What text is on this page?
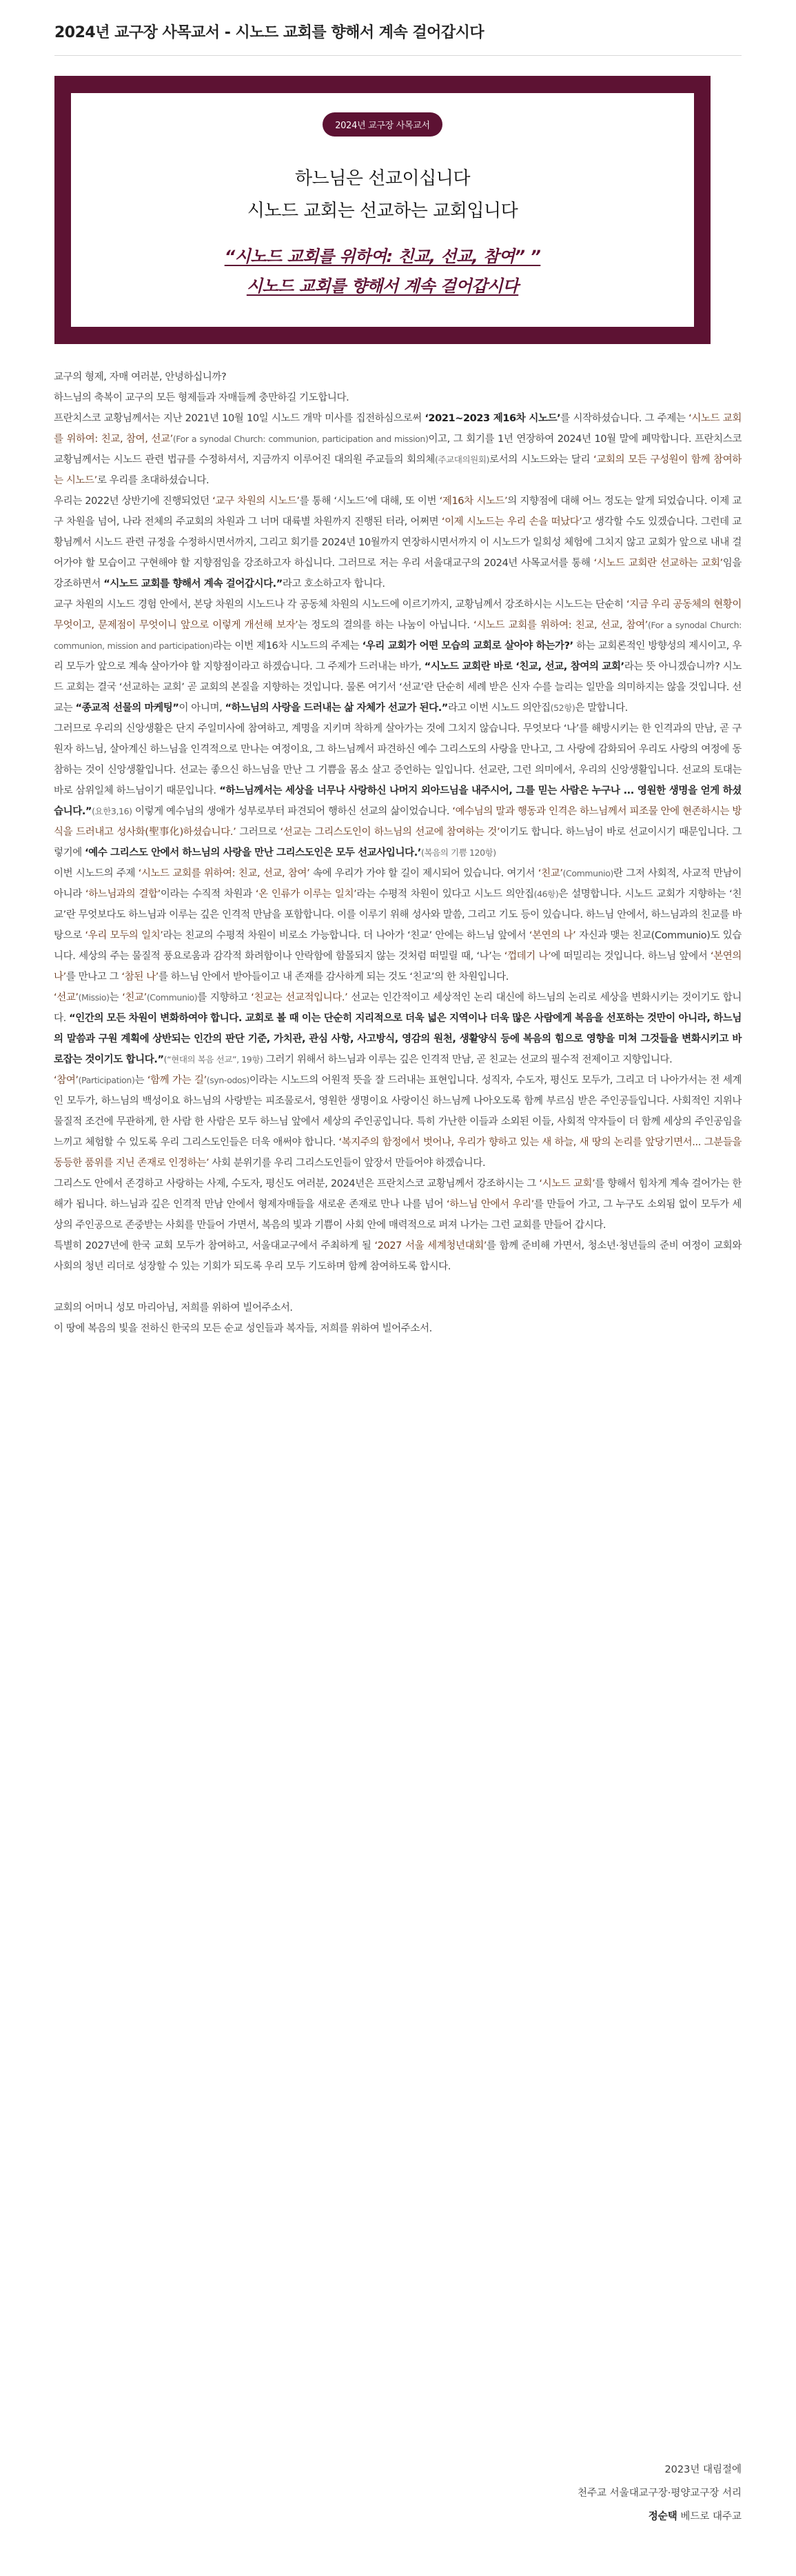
2024년 교구장 사목교서 - 시노드 교회를 향해서 계속 걸어갑시다
2024년 교구장 사목교서
하느님은 선교이십니다
시노드 교회는 선교하는 교회입니다
“시노드 교회를 위하여: 친교, 선교, 참여” ”
시노드 교회를 향해서 계속 걸어갑시다

교구의 형제, 자매 여러분, 안녕하십니까?

하느님의 축복이 교구의 모든 형제들과 자매들께 충만하길 기도합니다.

프란치스코 교황님께서는 지난 2021년 10월 10일 시노드 개막 미사를 집전하심으로써 ‘2021~2023 제16차 시노드’를 시작하셨습니다. 그 주제는 ‘시노드 교회를 위하여: 친교, 참여, 선교’(For a synodal Church: communion, participation and mission)이고, 그 회기를 1년 연장하여 2024년 10월 말에 폐막합니다. 프란치스코 교황님께서는 시노드 관련 법규를 수정하셔서, 지금까지 이루어진 대의원 주교들의 회의체(주교대의원회)로서의 시노드와는 달리 ‘교회의 모든 구성원이 함께 참여하는 시노드’로 우리를 초대하셨습니다.

우리는 2022년 상반기에 진행되었던 ‘교구 차원의 시노드’를 통해 ‘시노드’에 대해, 또 이번 ‘제16차 시노드’의 지향점에 대해 어느 정도는 알게 되었습니다. 이제 교구 차원을 넘어, 나라 전체의 주교회의 차원과 그 너머 대륙별 차원까지 진행된 터라, 어쩌면 ‘이제 시노드는 우리 손을 떠났다’고 생각할 수도 있겠습니다. 그런데 교황님께서 시노드 관련 규정을 수정하시면서까지, 그리고 회기를 2024년 10월까지 연장하시면서까지 이 시노드가 일회성 체험에 그치지 않고 교회가 앞으로 내내 걸어가야 할 모습이고 구현해야 할 지향점임을 강조하고자 하십니다. 그러므로 저는 우리 서울대교구의 2024년 사목교서를 통해 ‘시노드 교회란 선교하는 교회’임을 강조하면서 “시노드 교회를 향해서 계속 걸어갑시다.”라고 호소하고자 합니다.

교구 차원의 시노드 경험 안에서, 본당 차원의 시노드나 각 공동체 차원의 시노드에 이르기까지, 교황님께서 강조하시는 시노드는 단순히 ‘지금 우리 공동체의 현황이 무엇이고, 문제점이 무엇이니 앞으로 이렇게 개선해 보자’는 정도의 결의를 하는 나눔이 아닙니다. ‘시노드 교회를 위하여: 친교, 선교, 참여’(For a synodal Church: communion, mission and participation)라는 이번 제16차 시노드의 주제는 ‘우리 교회가 어떤 모습의 교회로 살아야 하는가?’ 하는 교회론적인 방향성의 제시이고, 우리 모두가 앞으로 계속 살아가야 할 지향점이라고 하겠습니다. 그 주제가 드러내는 바가, “시노드 교회란 바로 ‘친교, 선교, 참여의 교회’라는 뜻 아니겠습니까? 시노드 교회는 결국 ‘선교하는 교회’ 곧 교회의 본질을 지향하는 것입니다. 물론 여기서 ‘선교’란 단순히 세례 받은 신자 수를 늘리는 일만을 의미하지는 않을 것입니다. 선교는 “종교적 선물의 마케팅”이 아니며, “하느님의 사랑을 드러내는 삶 자체가 선교가 된다.”라고 이번 시노드 의안집(52항)은 말합니다.

그러므로 우리의 신앙생활은 단지 주일미사에 참여하고, 계명을 지키며 착하게 살아가는 것에 그치지 않습니다. 무엇보다 ‘나’를 해방시키는 한 인격과의 만남, 곧 구원자 하느님, 살아계신 하느님을 인격적으로 만나는 여정이요, 그 하느님께서 파견하신 예수 그리스도의 사랑을 만나고, 그 사랑에 감화되어 우리도 사랑의 여정에 동참하는 것이 신앙생활입니다. 선교는 좋으신 하느님을 만난 그 기쁨을 몸소 살고 증언하는 일입니다. 선교란, 그런 의미에서, 우리의 신앙생활입니다. 선교의 토대는 바로 삼위일체 하느님이기 때문입니다. “하느님께서는 세상을 너무나 사랑하신 나머지 외아드님을 내주시어, 그를 믿는 사람은 누구나 ... 영원한 생명을 얻게 하셨습니다.”(요한3,16) 이렇게 예수님의 생애가 성부로부터 파견되어 행하신 선교의 삶이었습니다. ‘예수님의 말과 행동과 인격은 하느님께서 피조물 안에 현존하시는 방식을 드러내고 성사화(聖事化)하셨습니다.’ 그러므로 ‘선교는 그리스도인이 하느님의 선교에 참여하는 것’이기도 합니다. 하느님이 바로 선교이시기 때문입니다. 그렇기에 ‘예수 그리스도 안에서 하느님의 사랑을 만난 그리스도인은 모두 선교사입니다.’(복음의 기쁨 120항)

이번 시노드의 주제 ‘시노드 교회를 위하여: 친교, 선교, 참여’ 속에 우리가 가야 할 길이 제시되어 있습니다. 여기서 ‘친교’(Communio)란 그저 사회적, 사교적 만남이 아니라 ‘하느님과의 결합’이라는 수직적 차원과 ‘온 인류가 이루는 일치’라는 수평적 차원이 있다고 시노드 의안집(46항)은 설명합니다. 시노드 교회가 지향하는 ‘친교’란 무엇보다도 하느님과 이루는 깊은 인격적 만남을 포함합니다. 이를 이루기 위해 성사와 말씀, 그리고 기도 등이 있습니다. 하느님 안에서, 하느님과의 친교를 바탕으로 ‘우리 모두의 일치’라는 친교의 수평적 차원이 비로소 가능합니다. 더 나아가 ‘친교’ 안에는 하느님 앞에서 ‘본연의 나’ 자신과 맺는 친교(Communio)도 있습니다. 세상의 주는 물질적 풍요로움과 감각적 화려함이나 안락함에 함몰되지 않는 것처럼 떠밀릴 때, ‘나’는 ‘껍데기 나’에 떠밀리는 것입니다. 하느님 앞에서 ‘본연의 나’를 만나고 그 ‘참된 나’를 하느님 안에서 받아들이고 내 존재를 감사하게 되는 것도 ‘친교’의 한 차원입니다.

‘선교’(Missio)는 ‘친교’(Communio)를 지향하고 ‘친교는 선교적입니다.’ 선교는 인간적이고 세상적인 논리 대신에 하느님의 논리로 세상을 변화시키는 것이기도 합니다. “인간의 모든 차원이 변화하여야 합니다. 교회로 볼 때 이는 단순히 지리적으로 더욱 넓은 지역이나 더욱 많은 사람에게 복음을 선포하는 것만이 아니라, 하느님의 말씀과 구원 계획에 상반되는 인간의 판단 기준, 가치관, 관심 사항, 사고방식, 영감의 원천, 생활양식 등에 복음의 힘으로 영향을 미쳐 그것들을 변화시키고 바로잡는 것이기도 합니다.”(“현대의 복음 선교”, 19항) 그러기 위해서 하느님과 이루는 깊은 인격적 만남, 곧 친교는 선교의 필수적 전제이고 지향입니다.

‘참여’(Participation)는 ‘함께 가는 길’(syn-odos)이라는 시노드의 어원적 뜻을 잘 드러내는 표현입니다. 성직자, 수도자, 평신도 모두가, 그리고 더 나아가서는 전 세계인 모두가, 하느님의 백성이요 하느님의 사랑받는 피조물로서, 영원한 생명이요 사랑이신 하느님께 나아오도록 함께 부르심 받은 주인공들입니다. 사회적인 지위나 물질적 조건에 무관하게, 한 사람 한 사람은 모두 하느님 앞에서 세상의 주인공입니다. 특히 가난한 이들과 소외된 이들, 사회적 약자들이 더 함께 세상의 주인공임을 느끼고 체험할 수 있도록 우리 그리스도인들은 더욱 애써야 합니다. ‘복지주의 함정에서 벗어나, 우리가 향하고 있는 새 하늘, 새 땅의 논리를 앞당기면서... 그분들을 동등한 품위를 지닌 존재로 인정하는’ 사회 분위기를 우리 그리스도인들이 앞장서 만들어야 하겠습니다.

그리스도 안에서 존경하고 사랑하는 사제, 수도자, 평신도 여러분, 2024년은 프란치스코 교황님께서 강조하시는 그 ‘시노드 교회’를 향해서 힘차게 계속 걸어가는 한 해가 됩니다. 하느님과 깊은 인격적 만남 안에서 형제자매들을 새로운 존재로 만나 나를 넘어 ‘하느님 안에서 우리’를 만들어 가고, 그 누구도 소외됨 없이 모두가 세상의 주인공으로 존중받는 사회를 만들어 가면서, 복음의 빛과 기쁨이 사회 안에 매력적으로 퍼져 나가는 그런 교회를 만들어 갑시다.

특별히 2027년에 한국 교회 모두가 참여하고, 서울대교구에서 주최하게 될 ‘2027 서울 세계청년대회’를 함께 준비해 가면서, 청소년·청년들의 준비 여정이 교회와 사회의 청년 리더로 성장할 수 있는 기회가 되도록 우리 모두 기도하며 함께 참여하도록 합시다.

교회의 어머니 성모 마리아님, 저희를 위하여 빌어주소서.

이 땅에 복음의 빛을 전하신 한국의 모든 순교 성인들과 복자들, 저희를 위하여 빌어주소서.

2023년 대림절에
천주교 서울대교구장·평양교구장 서리
정순택 베드로 대주교
